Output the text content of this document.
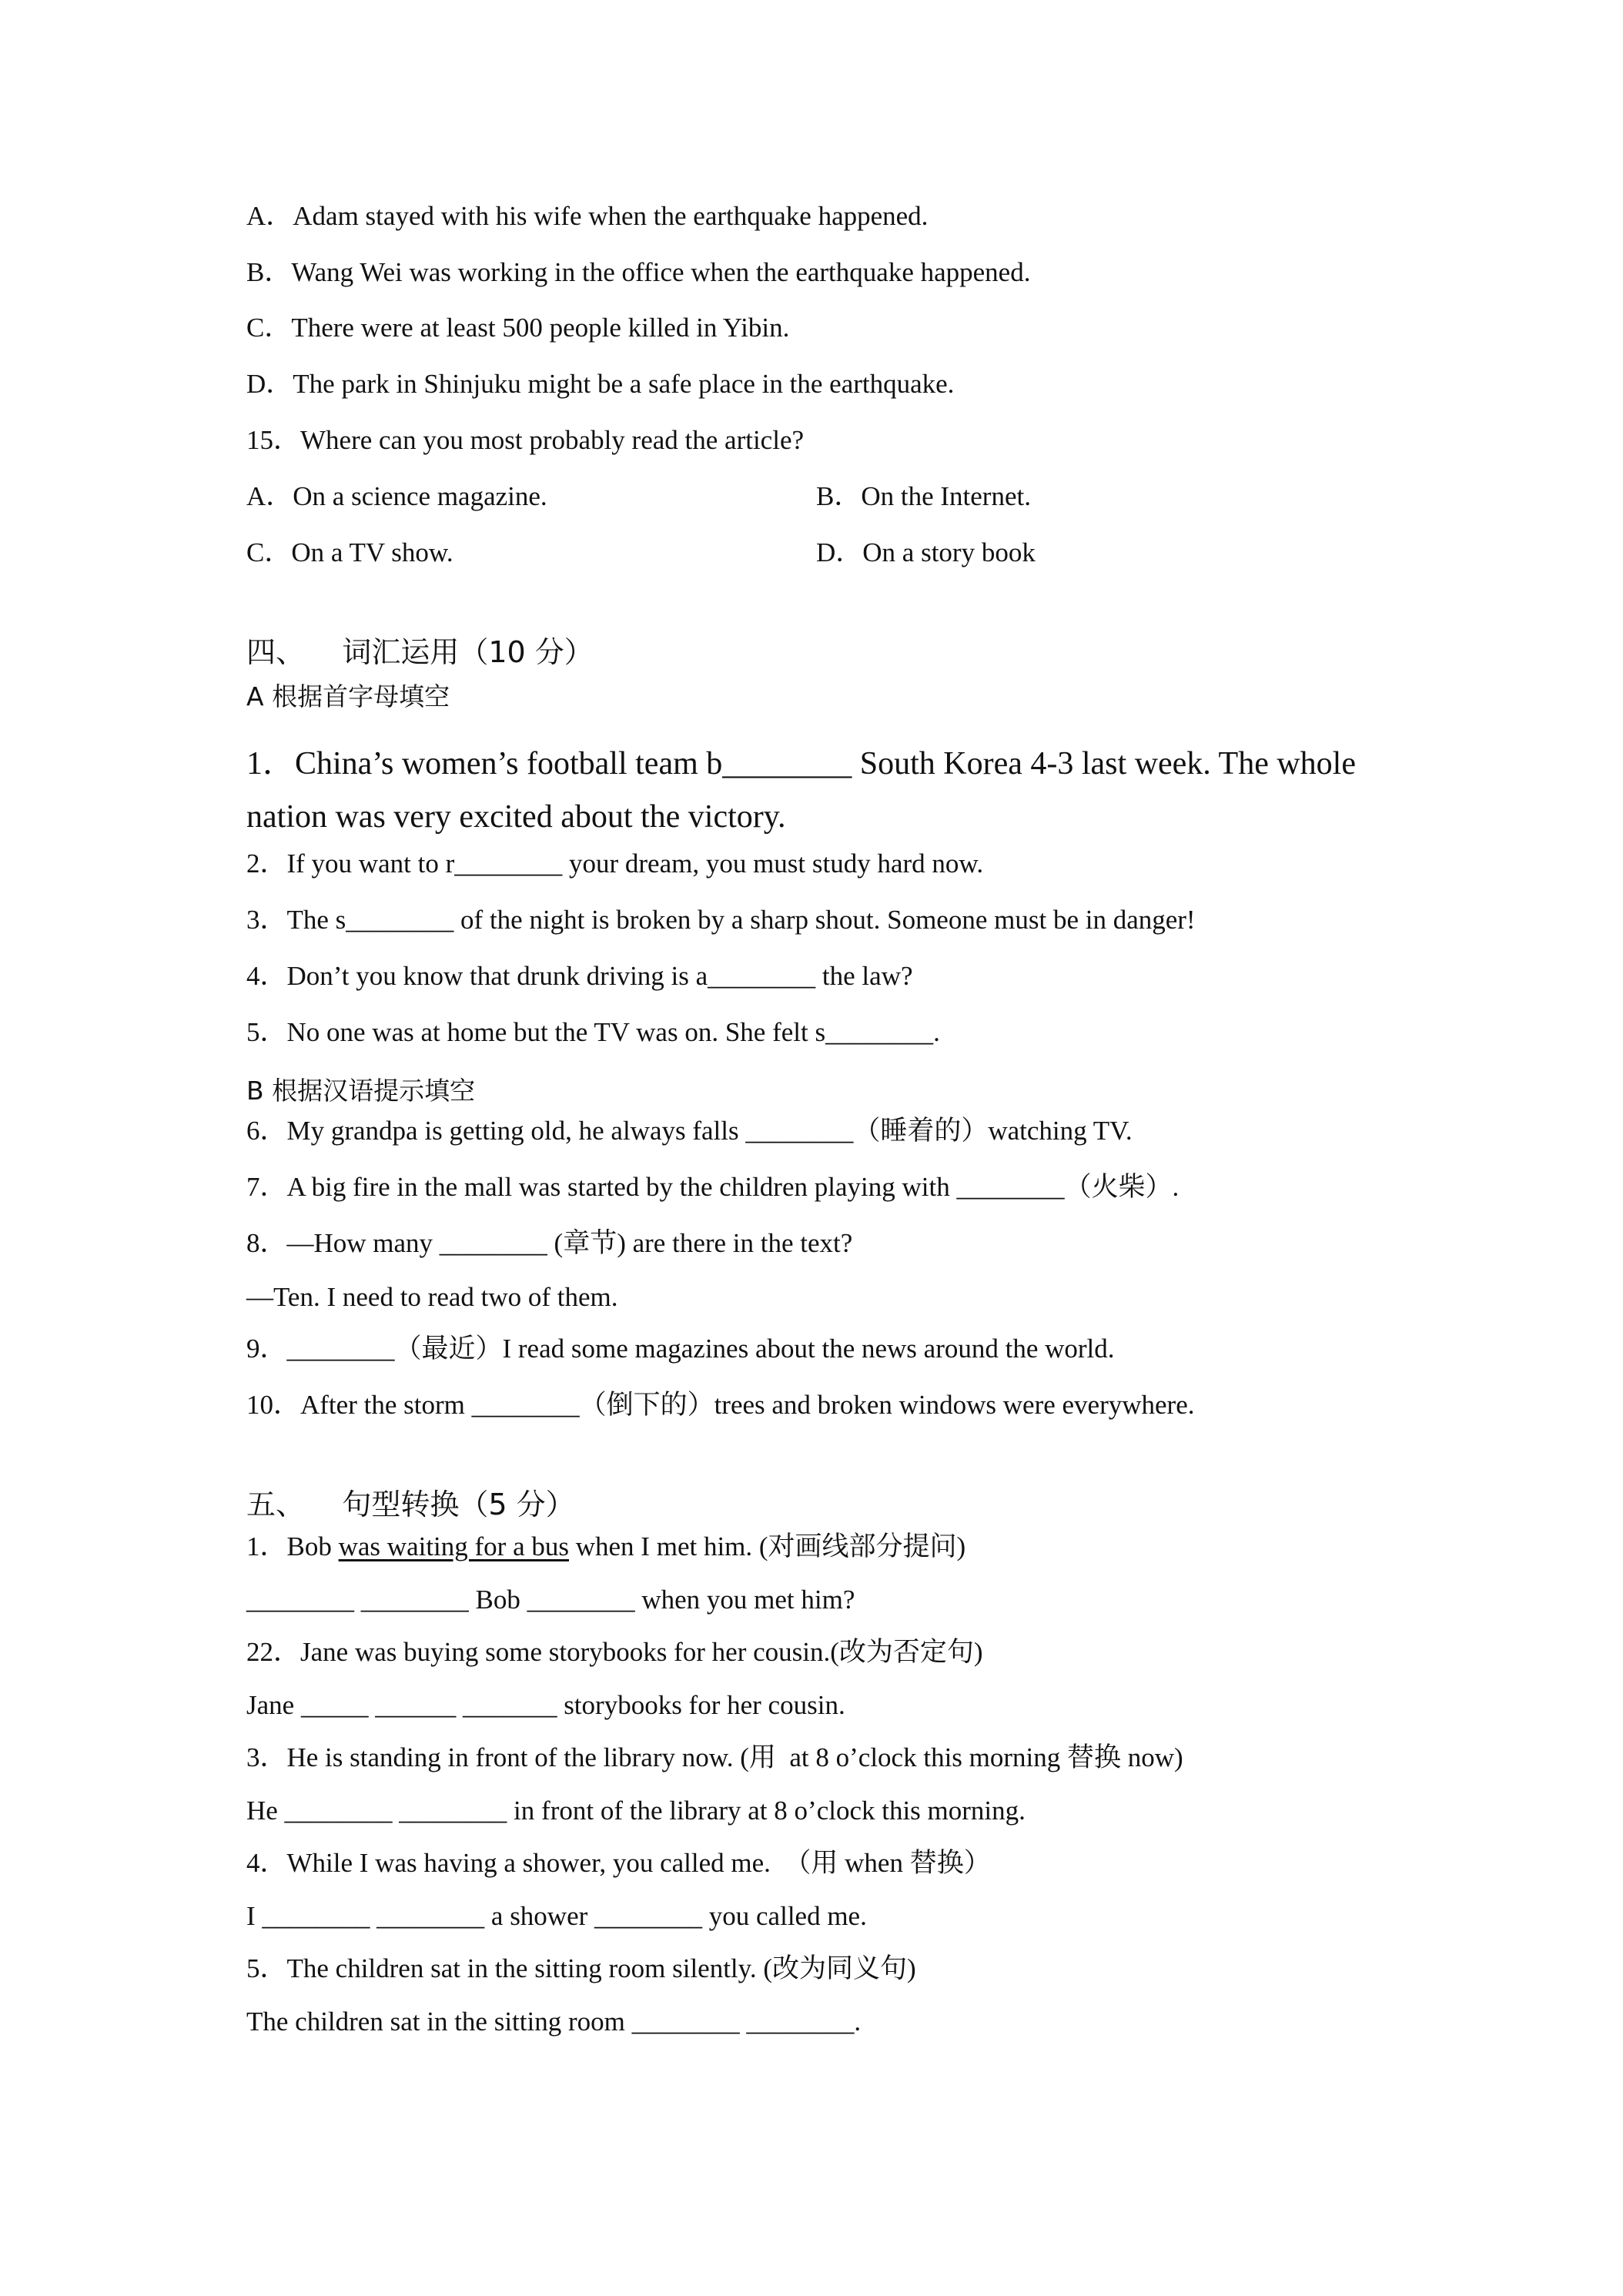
A．Adam stayed with his wife when the earthquake happened.
B．Wang Wei was working in the office when the earthquake happened.
C．There were at least 500 people killed in Yibin.
D．The park in Shinjuku might be a safe place in the earthquake.
15．Where can you most probably read the article?
A．On a science magazine.	B．On the Internet.
C．On a TV show.	D．On a story book
四、    词汇运用（10 分）
A 根据首字母填空
1．China’s women’s football team b________ South Korea 4-3 last week. The whole
nation was very excited about the victory.
2．If you want to r________ your dream, you must study hard now.
3．The s________ of the night is broken by a sharp shout. Someone must be in danger!
4．Don’t you know that drunk driving is a________ the law?
5．No one was at home but the TV was on. She felt s________.
B 根据汉语提示填空
6．My grandpa is getting old, he always falls ________（睡着的）watching TV.
7．A big fire in the mall was started by the children playing with ________（火柴）.
8．—How many ________ (章节) are there in the text?
—Ten. I need to read two of them.
9．________（最近）I read some magazines about the news around the world.
10．After the storm ________（倒下的）trees and broken windows were everywhere.
五、    句型转换（5 分）
1．Bob was waiting for a bus when I met him. (对画线部分提问)
________ ________ Bob ________ when you met him?
22．Jane was buying some storybooks for her cousin.(改为否定句)
Jane _____ ______ _______ storybooks for her cousin.
3．He is standing in front of the library now. (用  at 8 o’clock this morning 替换 now)
He ________ ________ in front of the library at 8 o’clock this morning.
4．While I was having a shower, you called me.  （用 when 替换）
I ________ ________ a shower ________ you called me.
5．The children sat in the sitting room silently. (改为同义句)
The children sat in the sitting room ________ ________.
